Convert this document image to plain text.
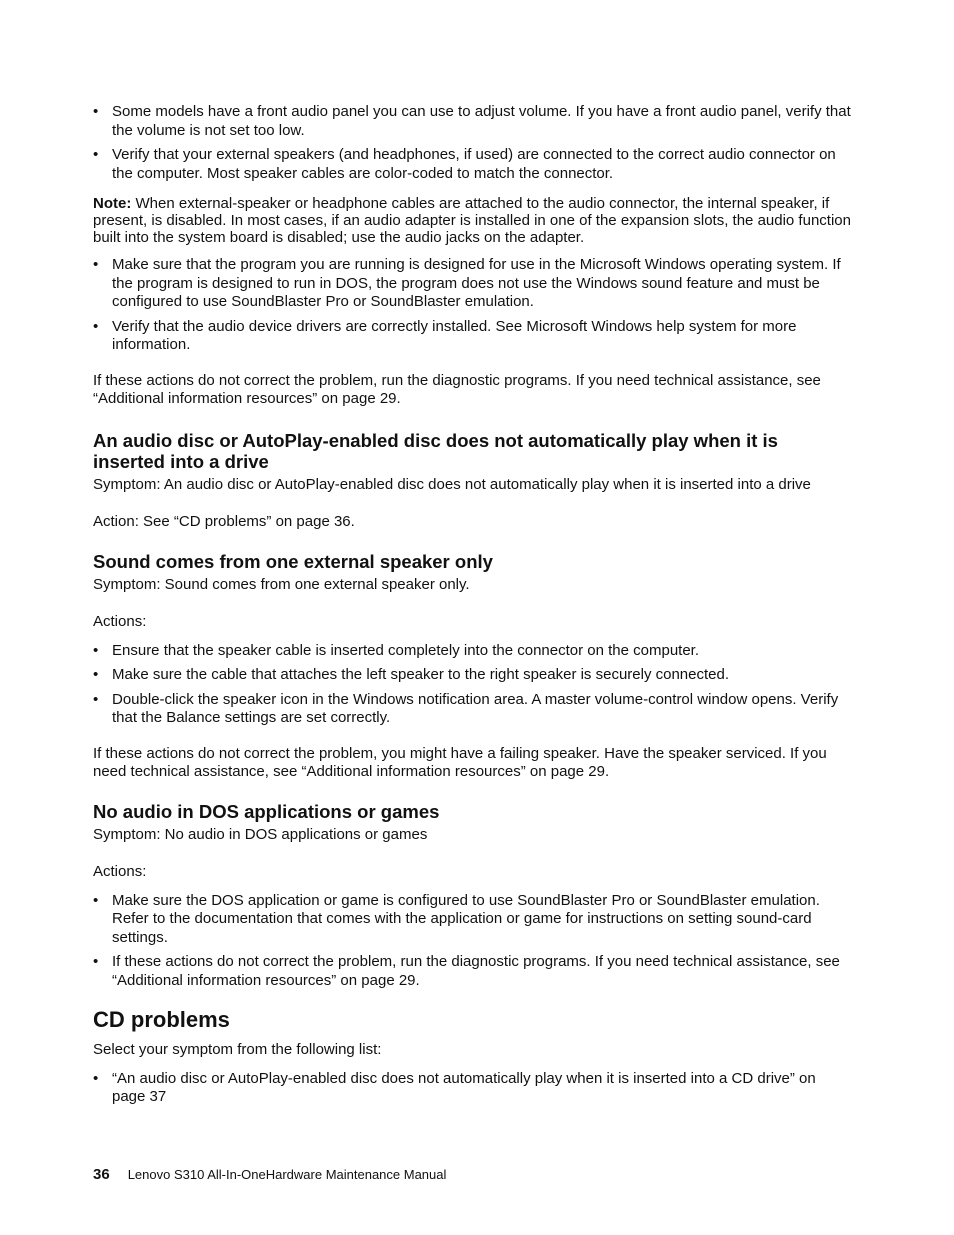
• Some models have a front audio panel you can use to adjust volume. If you have a front audio panel, verify that the volume is not set too low.
• Verify that your external speakers (and headphones, if used) are connected to the correct audio connector on the computer. Most speaker cables are color-coded to match the connector.

Note: When external-speaker or headphone cables are attached to the audio connector, the internal speaker, if present, is disabled. In most cases, if an audio adapter is installed in one of the expansion slots, the audio function built into the system board is disabled; use the audio jacks on the adapter.

• Make sure that the program you are running is designed for use in the Microsoft Windows operating system. If the program is designed to run in DOS, the program does not use the Windows sound feature and must be configured to use SoundBlaster Pro or SoundBlaster emulation.
• Verify that the audio device drivers are correctly installed. See Microsoft Windows help system for more information.

If these actions do not correct the problem, run the diagnostic programs. If you need technical assistance, see “Additional information resources” on page 29.

An audio disc or AutoPlay-enabled disc does not automatically play when it is inserted into a drive

Symptom: An audio disc or AutoPlay-enabled disc does not automatically play when it is inserted into a drive

Action: See “CD problems” on page 36.

Sound comes from one external speaker only

Symptom: Sound comes from one external speaker only.

Actions:

• Ensure that the speaker cable is inserted completely into the connector on the computer.
• Make sure the cable that attaches the left speaker to the right speaker is securely connected.
• Double-click the speaker icon in the Windows notification area. A master volume-control window opens. Verify that the Balance settings are set correctly.

If these actions do not correct the problem, you might have a failing speaker. Have the speaker serviced. If you need technical assistance, see “Additional information resources” on page 29.

No audio in DOS applications or games

Symptom: No audio in DOS applications or games

Actions:

• Make sure the DOS application or game is configured to use SoundBlaster Pro or SoundBlaster emulation. Refer to the documentation that comes with the application or game for instructions on setting sound-card settings.
• If these actions do not correct the problem, run the diagnostic programs. If you need technical assistance, see “Additional information resources” on page 29.
CD problems

Select your symptom from the following list:

• “An audio disc or AutoPlay-enabled disc does not automatically play when it is inserted into a CD drive” on page 37
36 Lenovo S310 All-In-OneHardware Maintenance Manual
